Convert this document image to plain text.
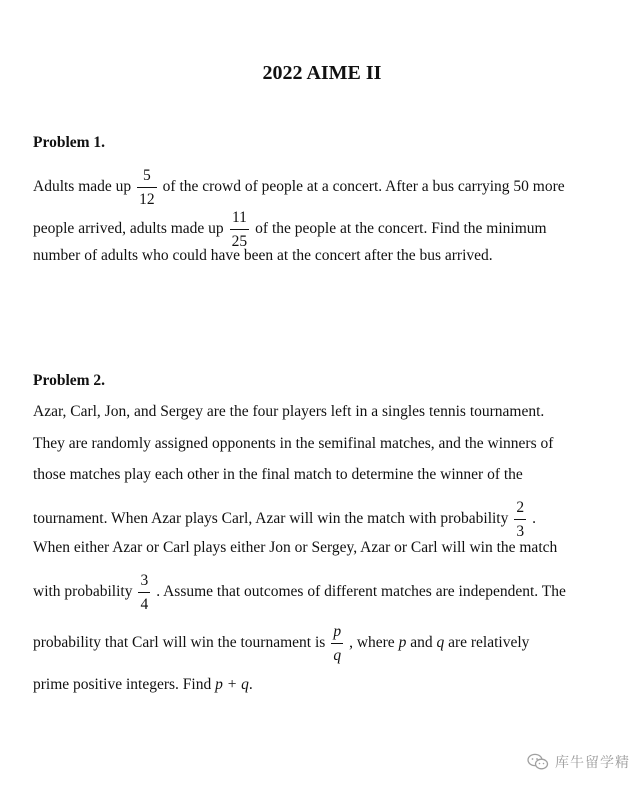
2022 AIME II
Problem 1.
Adults made up $\frac{5}{12}$ of the crowd of people at a concert. After a bus carrying 50 more
people arrived, adults made up $\frac{11}{25}$ of the people at the concert. Find the minimum
number of adults who could have been at the concert after the bus arrived.
Problem 2.
Azar, Carl, Jon, and Sergey are the four players left in a singles tennis tournament.
They are randomly assigned opponents in the semifinal matches, and the winners of
those matches play each other in the final match to determine the winner of the
tournament. When Azar plays Carl, Azar will win the match with probability $\frac{2}{3}$ .
When either Azar or Carl plays either Jon or Sergey, Azar or Carl will win the match
with probability $\frac{3}{4}$ . Assume that outcomes of different matches are independent. The
probability that Carl will win the tournament is $\frac{p}{q}$ , where p and q are relatively
prime positive integers. Find p + q.
库牛留学精
